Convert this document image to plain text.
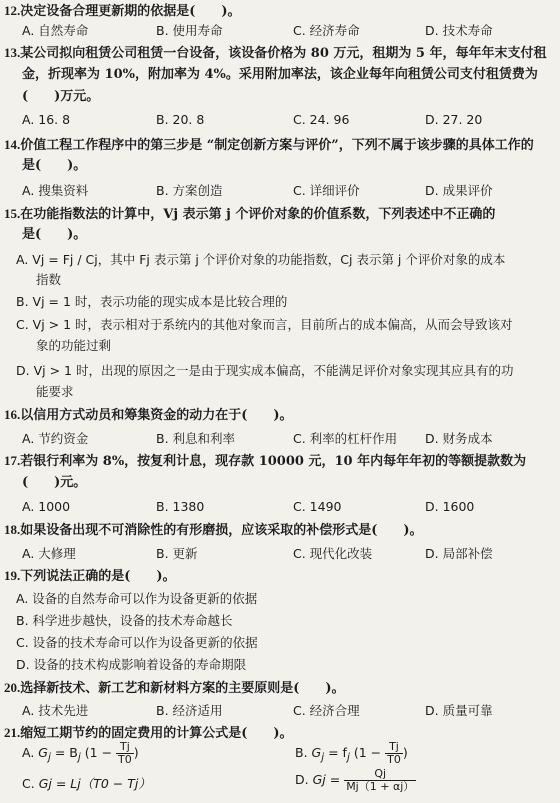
12.决定设备合理更新期的依据是(　　)。
A. 自然寿命	B. 使用寿命	C. 经济寿命	D. 技术寿命
13.某公司拟向租赁公司租赁一台设备，该设备价格为 80 万元，租期为 5 年，每年年末支付租
金，折现率为 10%，附加率为 4%。采用附加率法，该企业每年向租赁公司支付租赁费为
(　　)万元。
A. 16. 8	B. 20. 8	C. 24. 96	D. 27. 20
14.价值工程工作程序中的第三步是 “制定创新方案与评价”，下列不属于该步骤的具体工作的
是(　　)。
A. 搜集资料	B. 方案创造	C. 详细评价	D. 成果评价
15.在功能指数法的计算中，Vj 表示第 j 个评价对象的价值系数，下列表述中不正确的
是(　　)。
A. Vj = Fj / Cj，其中 Fj 表示第 j 个评价对象的功能指数，Cj 表示第 j 个评价对象的成本
指数
B. Vj = 1 时，表示功能的现实成本是比较合理的
C. Vj > 1 时，表示相对于系统内的其他对象而言，目前所占的成本偏高，从而会导致该对
象的功能过剩
D. Vj > 1 时，出现的原因之一是由于现实成本偏高，不能满足评价对象实现其应具有的功
能要求
16.以信用方式动员和筹集资金的动力在于(　　)。
A. 节约资金	B. 利息和利率	C. 利率的杠杆作用 D. 财务成本
17.若银行利率为 8%，按复利计息，现存款 10000 元，10 年内每年年初的等额提款数为
(　　)元。
A. 1000	B. 1380	C. 1490	D. 1600
18.如果设备出现不可消除性的有形磨损，应该采取的补偿形式是(　　)。
A. 大修理	B. 更新	C. 现代化改装	D. 局部补偿
19.下列说法正确的是(　　)。
A. 设备的自然寿命可以作为设备更新的依据
B. 科学进步越快，设备的技术寿命越长
C. 设备的技术寿命可以作为设备更新的依据
D. 设备的技术构成影响着设备的寿命期限
20.选择新技术、新工艺和新材料方案的主要原则是(　　)。
A. 技术先进	B. 经济适用	C. 经济合理	D. 质量可靠
21.缩短工期节约的固定费用的计算公式是(　　)。
A. $G_j = B_j$ ($1 - \frac{Tj}{T0}$ )	B. $G_j = f_j$ ($1 - \frac{Tj}{T0}$ )
C. Gj = Lj（T0 − Tj）	D. $Gj = \frac{Qj}{Mj(1 + \alpha j)}$
